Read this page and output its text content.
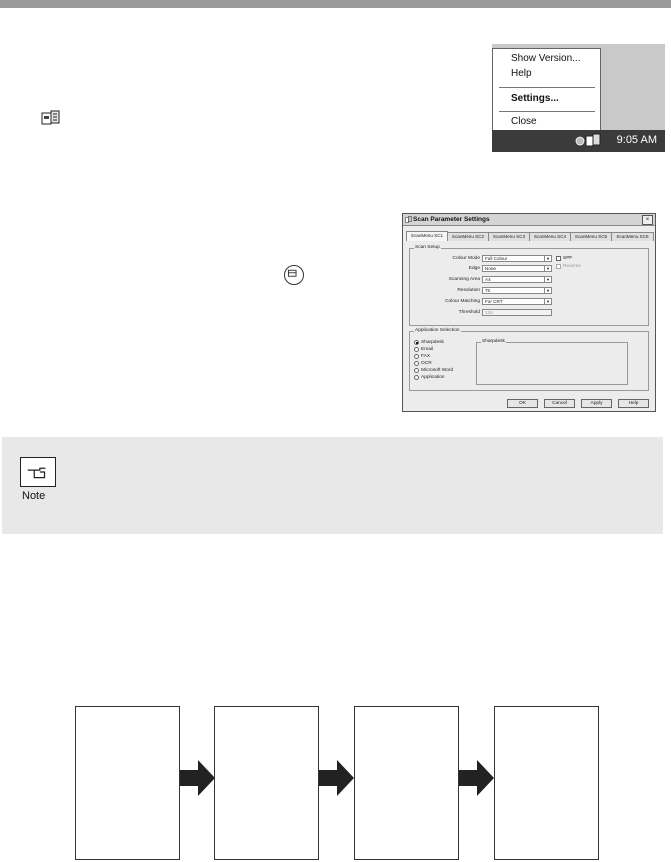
Show Version...
Help
Settings...
Close
9:05 AM
Scan Parameter Settings	×
ScanMenu SC1	ScanMenu SC2	ScanMenu SC3	ScanMenu SC4	ScanMenu SC5	ScanMenu SC6
Scan Setup
Colour Mode	Full Colour	▼
Edge	None	▼
Scanning Area	A4	▼
Resolution	75	▼
Colour Matching	For CRT	▼
Threshold	128
SPF
Reverse
Application Selection
Sharpdesk
Email
FAX
OCR
Microsoft Word
Application
Sharpdesk
OK	Cancel	Apply	Help
Note
